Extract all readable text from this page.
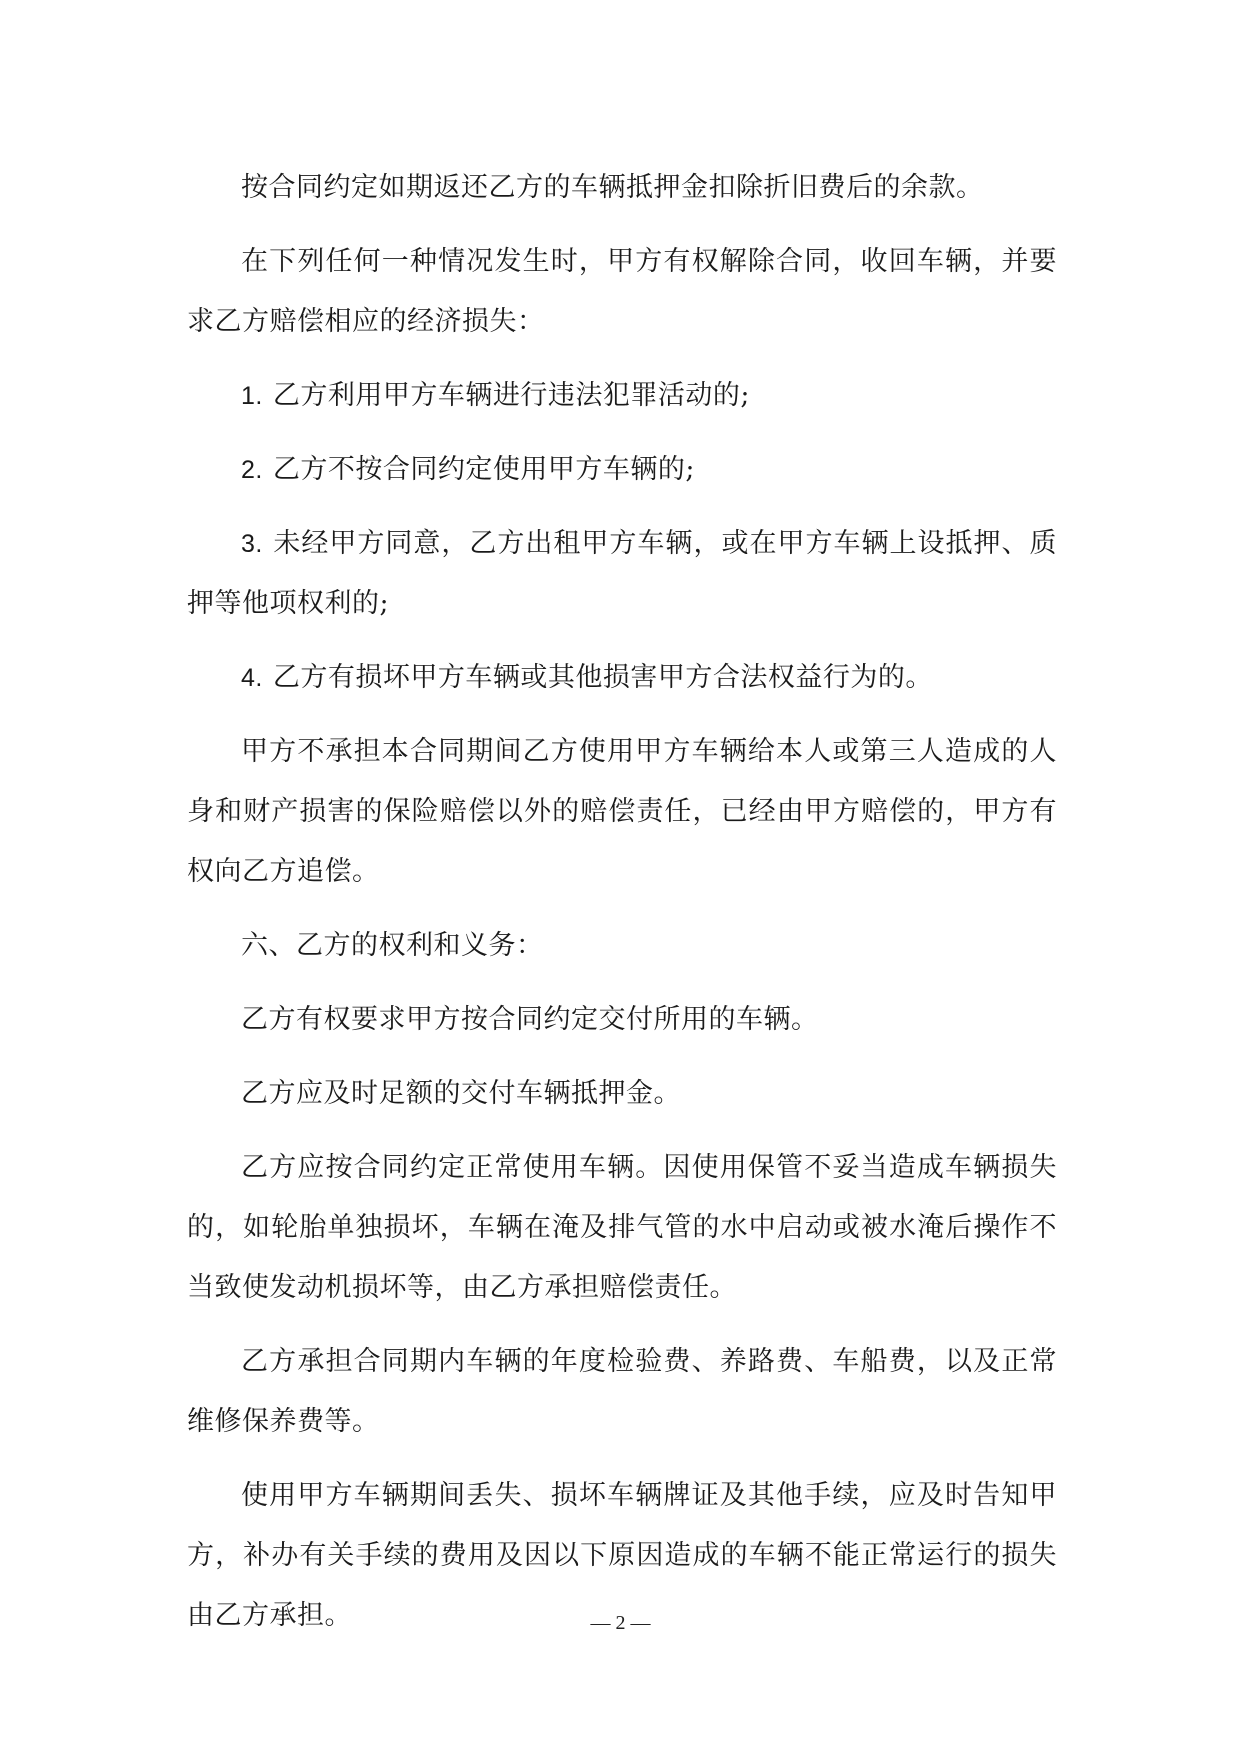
按合同约定如期返还乙方的车辆抵押金扣除折旧费后的余款。

在下列任何一种情况发生时，甲方有权解除合同，收回车辆，并要求乙方赔偿相应的经济损失：

1. 乙方利用甲方车辆进行违法犯罪活动的;

2. 乙方不按合同约定使用甲方车辆的;

3. 未经甲方同意，乙方出租甲方车辆，或在甲方车辆上设抵押、质押等他项权利的;

4. 乙方有损坏甲方车辆或其他损害甲方合法权益行为的。

甲方不承担本合同期间乙方使用甲方车辆给本人或第三人造成的人身和财产损害的保险赔偿以外的赔偿责任，已经由甲方赔偿的，甲方有权向乙方追偿。

六、乙方的权利和义务：

乙方有权要求甲方按合同约定交付所用的车辆。

乙方应及时足额的交付车辆抵押金。

乙方应按合同约定正常使用车辆。因使用保管不妥当造成车辆损失的，如轮胎单独损坏，车辆在淹及排气管的水中启动或被水淹后操作不当致使发动机损坏等，由乙方承担赔偿责任。

乙方承担合同期内车辆的年度检验费、养路费、车船费，以及正常维修保养费等。

使用甲方车辆期间丢失、损坏车辆牌证及其他手续，应及时告知甲方，补办有关手续的费用及因以下原因造成的车辆不能正常运行的损失由乙方承担。	— 2 —
